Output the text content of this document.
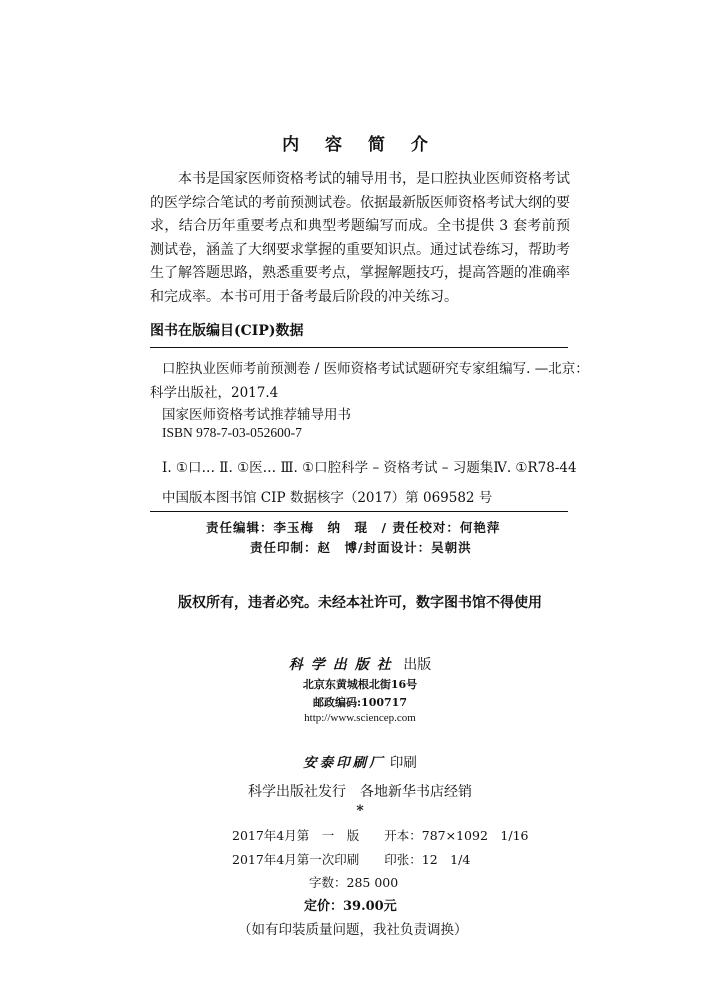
内 容 简 介
本书是国家医师资格考试的辅导用书，是口腔执业医师资格考试的医学综合笔试的考前预测试卷。依据最新版医师资格考试大纲的要求，结合历年重要考点和典型考题编写而成。全书提供 3 套考前预测试卷，涵盖了大纲要求掌握的重要知识点。通过试卷练习，帮助考生了解答题思路，熟悉重要考点，掌握解题技巧，提高答题的准确率和完成率。本书可用于备考最后阶段的冲关练习。
图书在版编目(CIP)数据
口腔执业医师考前预测卷 / 医师资格考试试题研究专家组编写. —北京：
科学出版社，2017.4
国家医师资格考试推荐辅导用书
ISBN 978-7-03-052600-7
Ⅰ. ①口… Ⅱ. ①医… Ⅲ. ①口腔科学 – 资格考试 – 习题集Ⅳ. ①R78-44
中国版本图书馆 CIP 数据核字（2017）第 069582 号
责任编辑：李玉梅　纳　琨　/ 责任校对：何艳萍
责任印制：赵　博/封面设计：吴朝洪
版权所有，违者必究。未经本社许可，数字图书馆不得使用
科学出版社 出版
北京东黄城根北街16号
邮政编码:100717
http://www.sciencep.com
安泰印刷厂 印刷
科学出版社发行　各地新华书店经销
*
2017年4月第　一　版　　开本：787×1092　1/16
2017年4月第一次印刷　　印张：12　1/4
字数：285 000
定价：39.00元
（如有印装质量问题，我社负责调换）
